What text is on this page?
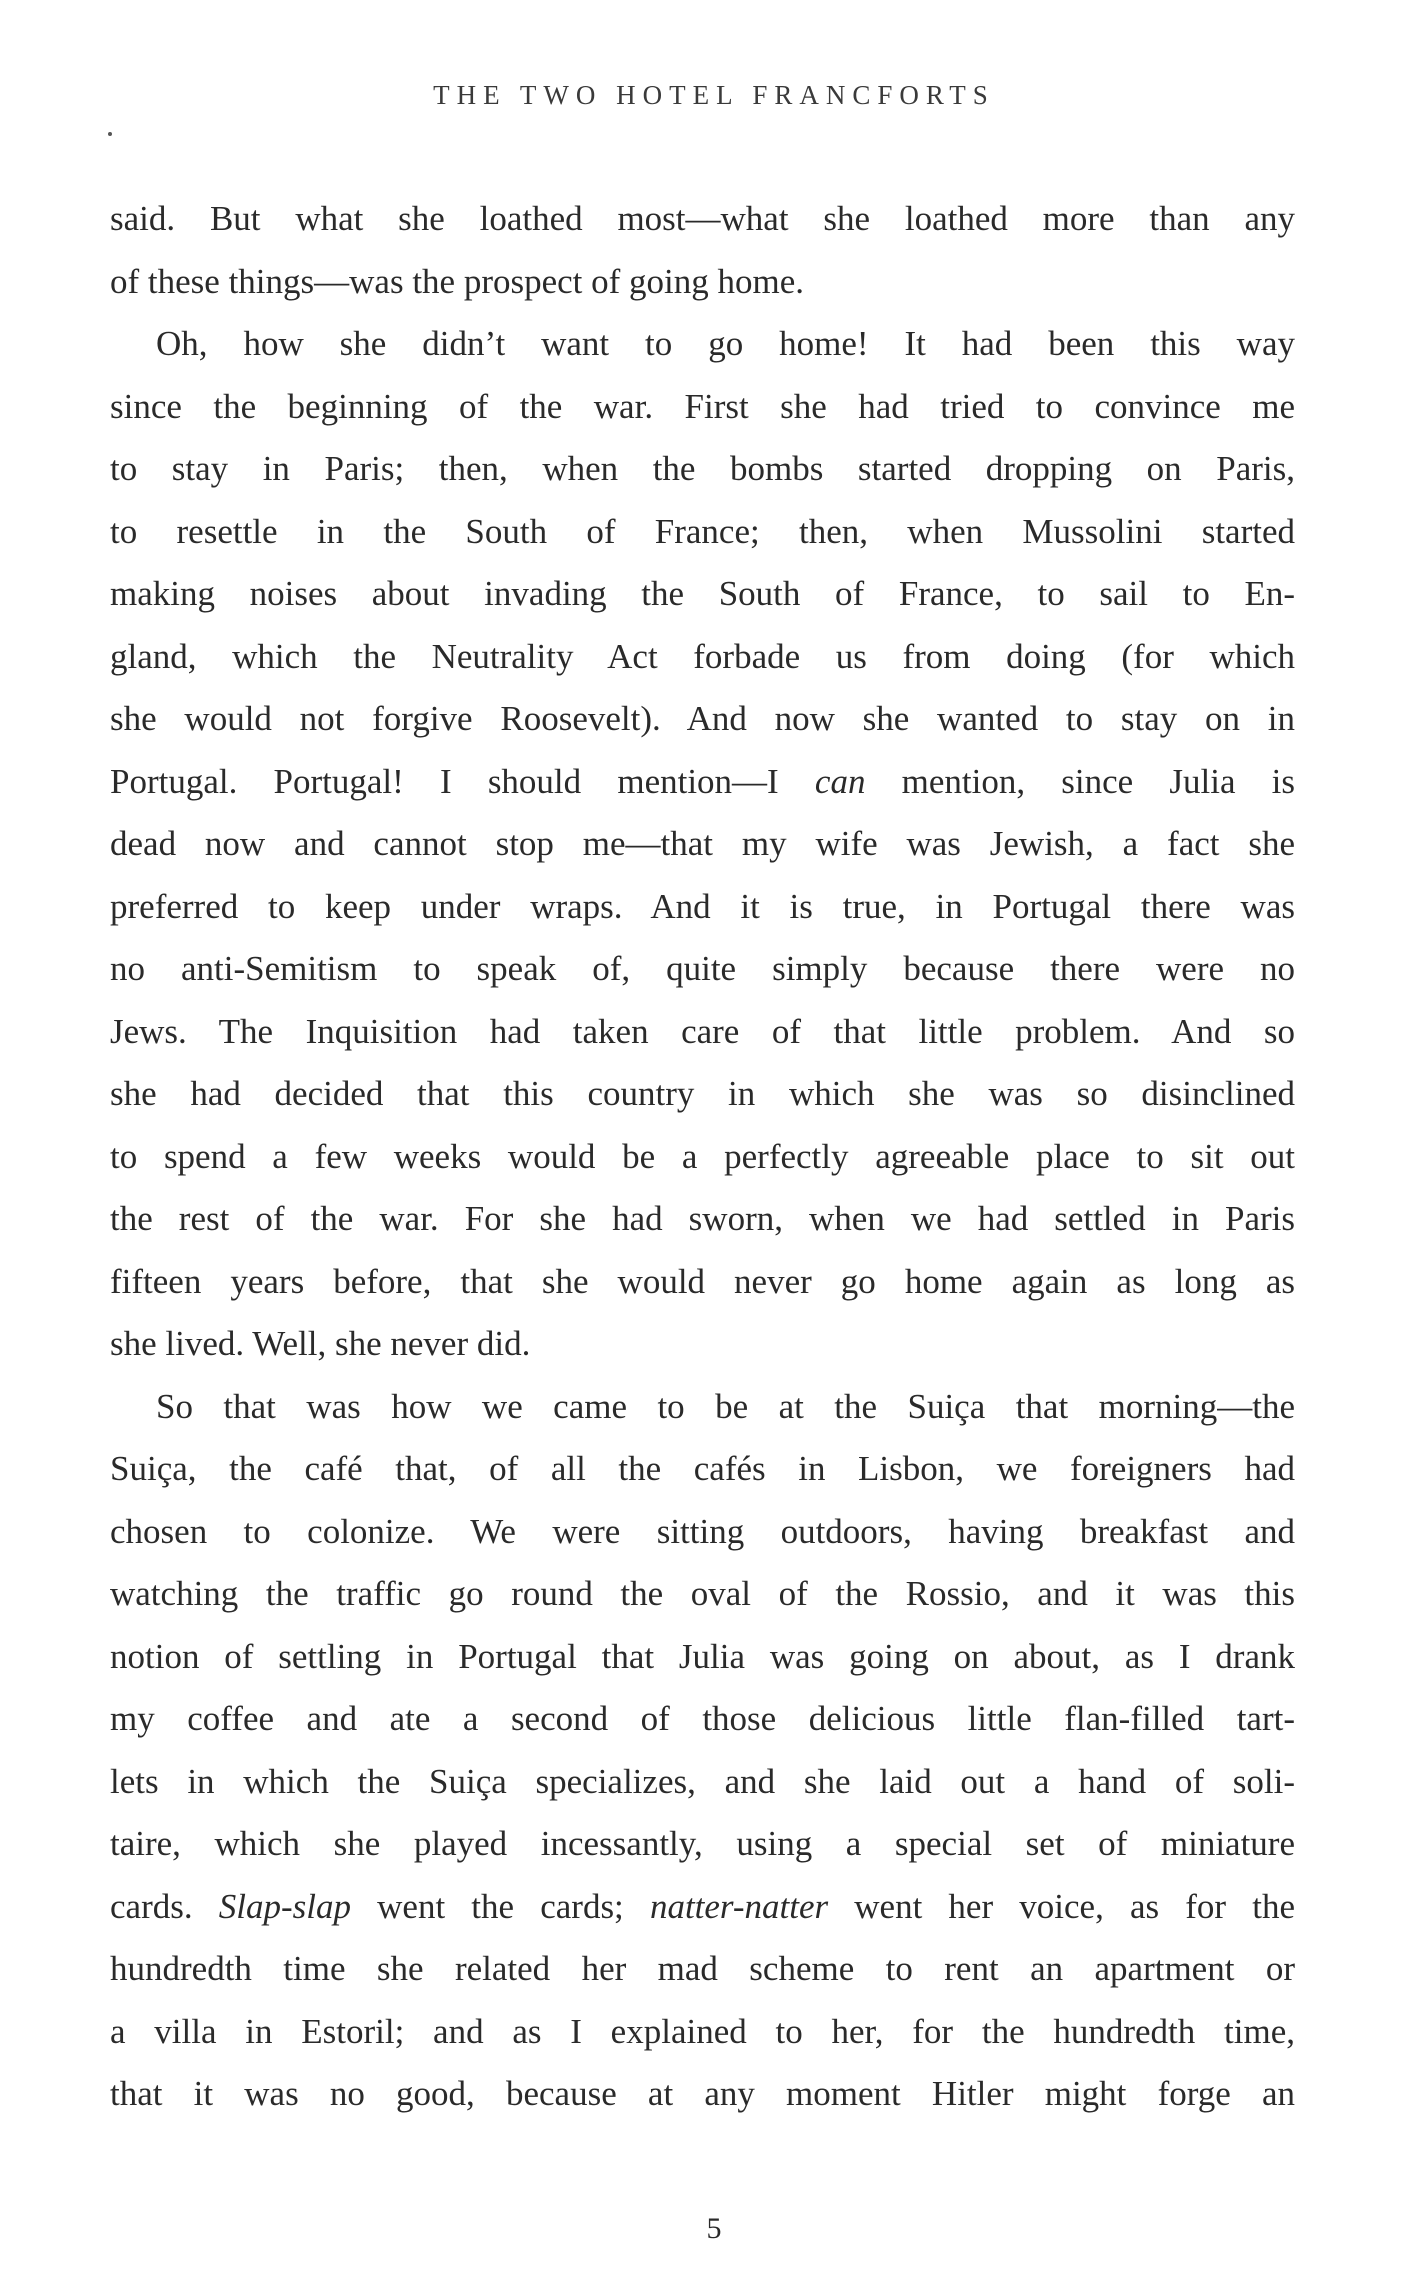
THE TWO HOTEL FRANCFORTS
said. But what she loathed most—what she loathed more than any
of these things—was the prospect of going home.
Oh, how she didn’t want to go home! It had been this way
since the beginning of the war. First she had tried to convince me
to stay in Paris; then, when the bombs started dropping on Paris,
to resettle in the South of France; then, when Mussolini started
making noises about invading the South of France, to sail to En-
gland, which the Neutrality Act forbade us from doing (for which
she would not forgive Roosevelt). And now she wanted to stay on in
Portugal. Portugal! I should mention—I can mention, since Julia is
dead now and cannot stop me—that my wife was Jewish, a fact she
preferred to keep under wraps. And it is true, in Portugal there was
no anti-Semitism to speak of, quite simply because there were no
Jews. The Inquisition had taken care of that little problem. And so
she had decided that this country in which she was so disinclined
to spend a few weeks would be a perfectly agreeable place to sit out
the rest of the war. For she had sworn, when we had settled in Paris
fifteen years before, that she would never go home again as long as
she lived. Well, she never did.
So that was how we came to be at the Suiça that morning—the
Suiça, the café that, of all the cafés in Lisbon, we foreigners had
chosen to colonize. We were sitting outdoors, having breakfast and
watching the traffic go round the oval of the Rossio, and it was this
notion of settling in Portugal that Julia was going on about, as I drank
my coffee and ate a second of those delicious little flan-filled tart-
lets in which the Suiça specializes, and she laid out a hand of soli-
taire, which she played incessantly, using a special set of miniature
cards. Slap-slap went the cards; natter-natter went her voice, as for the
hundredth time she related her mad scheme to rent an apartment or
a villa in Estoril; and as I explained to her, for the hundredth time,
that it was no good, because at any moment Hitler might forge an
5
